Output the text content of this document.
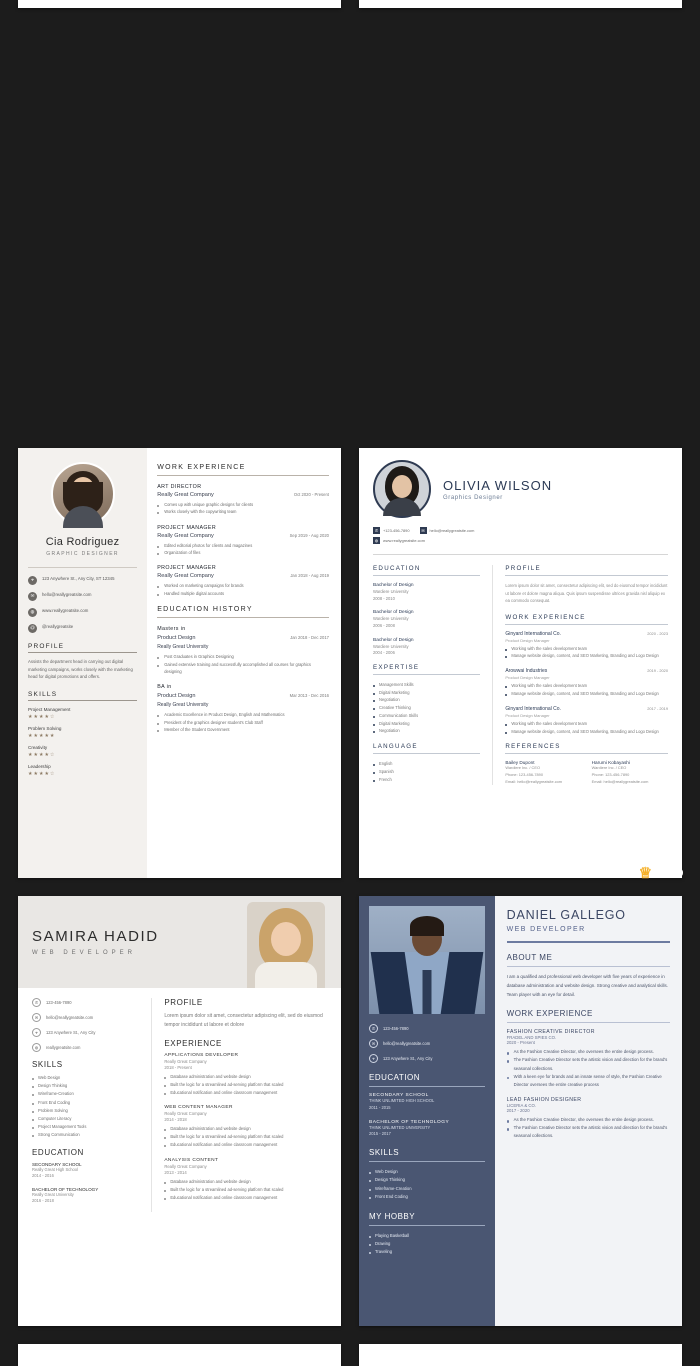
Cia Rodriguez
GRAPHIC DESIGNER
⌖	123 Anywhere St., Any City, ST 12345
✉	hello@reallygreatsite.com
◍	www.reallygreatsite.com
@	@reallygreatsite
PROFILE
Assists the department head in carrying out digital marketing campaigns, works closely with the marketing head for digital promotions and offers.
SKILLS
Project Management
★★★★☆
Problem Solving
★★★★★
Creativity
★★★★☆
Leadership
★★★★☆
WORK EXPERIENCE
ART DIRECTOR
Really Great Company	Oct 2020 - Present
Comes up with unique graphic designs for clients
Works closely with the copywriting team
PROJECT MANAGER
Really Great Company	Sep 2019 - Aug 2020
Edited editorial photos for clients and magazines
Organization of files
PROJECT MANAGER
Really Great Company	Jan 2018 - Aug 2019
Worked on marketing campaigns for brands
Handled multiple digital accounts
EDUCATION HISTORY
Masters in
Product Design	Jan 2018 - Dec 2017
Really Great University
Post Graduates in Graphics Designing
Gained extensive training and successfully accomplished all courses for graphics designing
BA in
Product Design	Mar 2013 - Dec 2016
Really Great University
Academic Excellence in Product Design, English and Mathematics
President of the graphics designer student's Club Staff
Member of the Student Government
OLIVIA WILSON
Graphics Designer
✆	+123-456-7890	✉	hello@reallygreatsite.com
◍	www.reallygreatsite.com
EDUCATION
Bachelor of Design
Wardiere University
2008 - 2010
Bachelor of Design
Wardiere University
2006 - 2008
Bachelor of Design
Wardiere University
2004 - 2006
EXPERTISE
Management Skills
Digital Marketing
Negotiation
Creative Thinking
Communication Skills
Digital Marketing
Negotiation
LANGUAGE
English
Spanish
French
PROFILE
Lorem ipsum dolor sit amet, consectetur adipiscing elit, sed do eiusmod tempor incididunt ut labore et dolore magna aliqua. Quis ipsum suspendisse ultrices gravida nisl aliquip ex ea commodo consequat.
WORK EXPERIENCE
Ginyard International Co.	2020 - 2023
Product Design Manager
Working with the sales development team
Manage website design, content, and SEO Marketing, Branding and Logo Design
Arowwai Industries	2019 - 2020
Product Design Manager
Working with the sales development team
Manage website design, content, and SEO Marketing, Branding and Logo Design
Ginyard International Co.	2017 - 2019
Product Design Manager
Working with the sales development team
Manage website design, content, and SEO Marketing, Branding and Logo Design
REFERENCES
Bailey Dupont
Wardiere Inc. / CEO
Phone: 123-456-7890
Email: hello@reallygreatsite.com
Harumi Kobayashi
Wardiere Inc. / CEO
Phone: 123-456-7890
Email: hello@reallygreatsite.com
SAMIRA HADID
WEB DEVELOPER
✆	123-456-7890
✉	hello@reallygreatsite.com
⌖	123 Anywhere St., Any City
◍	reallygreatsite.com
SKILLS
Web Design
Design Thinking
Wireframe-Creation
Front End Coding
Problem Solving
Computer Literacy
Project Management Tools
Strong Communication
EDUCATION
SECONDARY SCHOOL
Really Great High School
2014 - 2016
BACHELOR OF TECHNOLOGY
Really Great University
2016 - 2018
PROFILE
Lorem ipsum dolor sit amet, consectetur adipiscing elit, sed do eiusmod tempor incididunt ut labore et dolore
EXPERIENCE
APPLICATIONS DEVELOPER
Really Great Company
2018 - Present
Database administration and website design
Built the logic for a streamlined ad-serving platform that scaled
Educational notification and online classroom management
WEB CONTENT MANAGER
Really Great Company
2014 - 2018
Database administration and website design
Built the logic for a streamlined ad-serving platform that scaled
Educational notification and online classroom management
ANALYSIS CONTENT
Really Great Company
2013 - 2014
Database administration and website design
Built the logic for a streamlined ad-serving platform that scaled
Educational notification and online classroom management
✆	123-456-7890
✉	hello@reallygreatsite.com
⌖	123 Anywhere St., Any City
EDUCATION
SECONDARY SCHOOL
THINK UNLIMITED HIGH SCHOOL
2011 - 2015
BACHELOR OF TECHNOLOGY
THINK UNLIMITED UNIVERSITY
2015 - 2017
SKILLS
Web Design
Design Thinking
Wireframe-Creation
Front End Coding
MY HOBBY
Playing Basketball
Drawing
Traveling
DANIEL GALLEGO
WEB DEVELOPER
ABOUT ME
I am a qualified and professional web developer with five years of experience in database administration and website design. Strong creative and analytical skills. Team player with an eye for detail.
WORK EXPERIENCE
FASHION CREATIVE DIRECTOR
FRADEL AND SPIES CO.
2020 - Present
As the Fashion Creative Director, she oversees the entire design process.
The Fashion Creative Director sets the artistic vision and direction for the brand's seasonal collections.
With a keen eye for brands and an innate sense of style, the Fashion Creative Director oversees the entire creative process
LEAD FASHION DESIGNER
LICERIA & CO.
2017 - 2020
As the Fashion Creative Director, she oversees the entire design process.
The Fashion Creative Director sets the artistic vision and direction for the brand's seasonal collections.
♕ Pro
